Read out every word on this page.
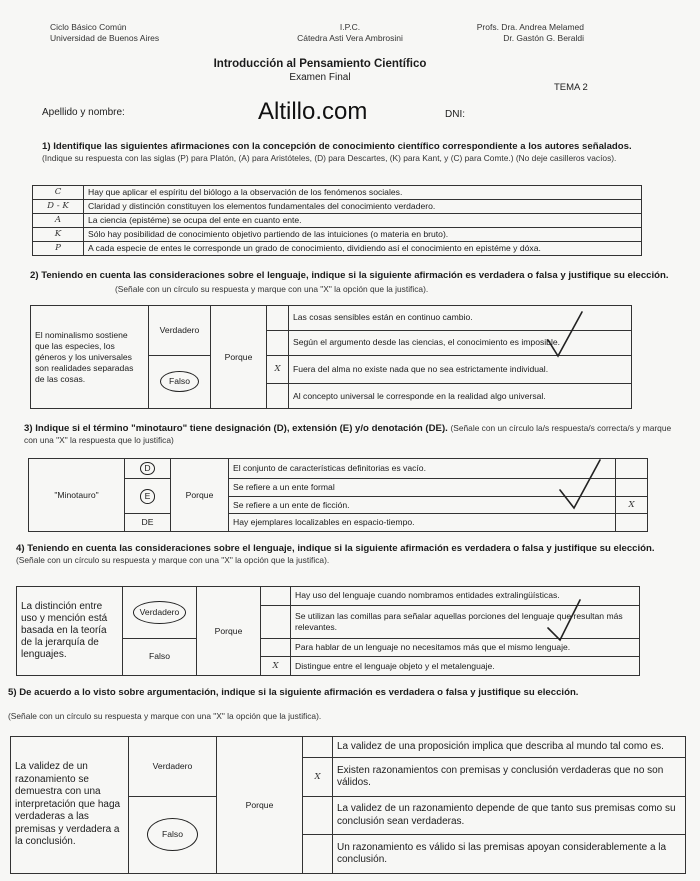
Ciclo Básico Común
Universidad de Buenos Aires
I.P.C.
Cátedra Asti Vera Ambrosini
Profs. Dra. Andrea Melamed
Dr. Gastón G. Beraldi
Introducción al Pensamiento Científico
Examen Final
TEMA 2
Apellido y nombre:	Altillo.com	DNI:
1) Identifique las siguientes afirmaciones con la concepción de conocimiento científico correspondiente a los autores señalados.
(Indique su respuesta con las siglas (P) para Platón, (A) para Aristóteles, (D) para Descartes, (K) para Kant, y (C) para Comte.) (No deje casilleros vacíos).
C	Hay que aplicar el espíritu del biólogo a la observación de los fenómenos sociales.
D - K	Claridad y distinción constituyen los elementos fundamentales del conocimiento verdadero.
A	La ciencia (epistéme) se ocupa del ente en cuanto ente.
K	Sólo hay posibilidad de conocimiento objetivo partiendo de las intuiciones (o materia en bruto).
P	A cada especie de entes le corresponde un grado de conocimiento, dividiendo así el conocimiento en epistéme y dóxa.
2) Teniendo en cuenta las consideraciones sobre el lenguaje, indique si la siguiente afirmación es verdadera o falsa y justifique su elección.
(Señale con un círculo su respuesta y marque con una "X" la opción que la justifica).
El nominalismo sostiene que las especies, los géneros y los universales son realidades separadas de las cosas.	Verdadero	Porque		Las cosas sensibles están en continuo cambio.
				Según el argumento desde las ciencias, el conocimiento es imposible.
	Falso		X	Fuera del alma no existe nada que no sea estrictamente individual.
				Al concepto universal le corresponde en la realidad algo universal.
3) Indique si el término "minotauro" tiene designación (D), extensión (E) y/o denotación (DE). (Señale con un círculo la/s respuesta/s correcta/s y marque con una "X" la respuesta que lo justifica)
"Minotauro"	D	Porque	El conjunto de características definitorias es vacío.	
	E		Se refiere a un ente formal	
			Se refiere a un ente de ficción.	X
	DE		Hay ejemplares localizables en espacio-tiempo.	
4) Teniendo en cuenta las consideraciones sobre el lenguaje, indique si la siguiente afirmación es verdadera o falsa y justifique su elección. (Señale con un círculo su respuesta y marque con una "X" la opción que la justifica).
La distinción entre uso y mención está basada en la teoría de la jerarquía de lenguajes.	Verdadero	Porque		Hay uso del lenguaje cuando nombramos entidades extralingüísticas.
				Se utilizan las comillas para señalar aquellas porciones del lenguaje que resultan más relevantes.
	Falso			Para hablar de un lenguaje no necesitamos más que el mismo lenguaje.
			X	Distingue entre el lenguaje objeto y el metalenguaje.
5) De acuerdo a lo visto sobre argumentación, indique si la siguiente afirmación es verdadera o falsa y justifique su elección.
(Señale con un círculo su respuesta y marque con una "X" la opción que la justifica).
La validez de un razonamiento se demuestra con una interpretación que haga verdaderas a las premisas y verdadera a la conclusión.	Verdadero	Porque		La validez de una proposición implica que describa al mundo tal como es.
			X	Existen razonamientos con premisas y conclusión verdaderas que no son válidos.
	Falso			La validez de un razonamiento depende de que tanto sus premisas como su conclusión sean verdaderas.
				Un razonamiento es válido si las premisas apoyan considerablemente a la conclusión.
